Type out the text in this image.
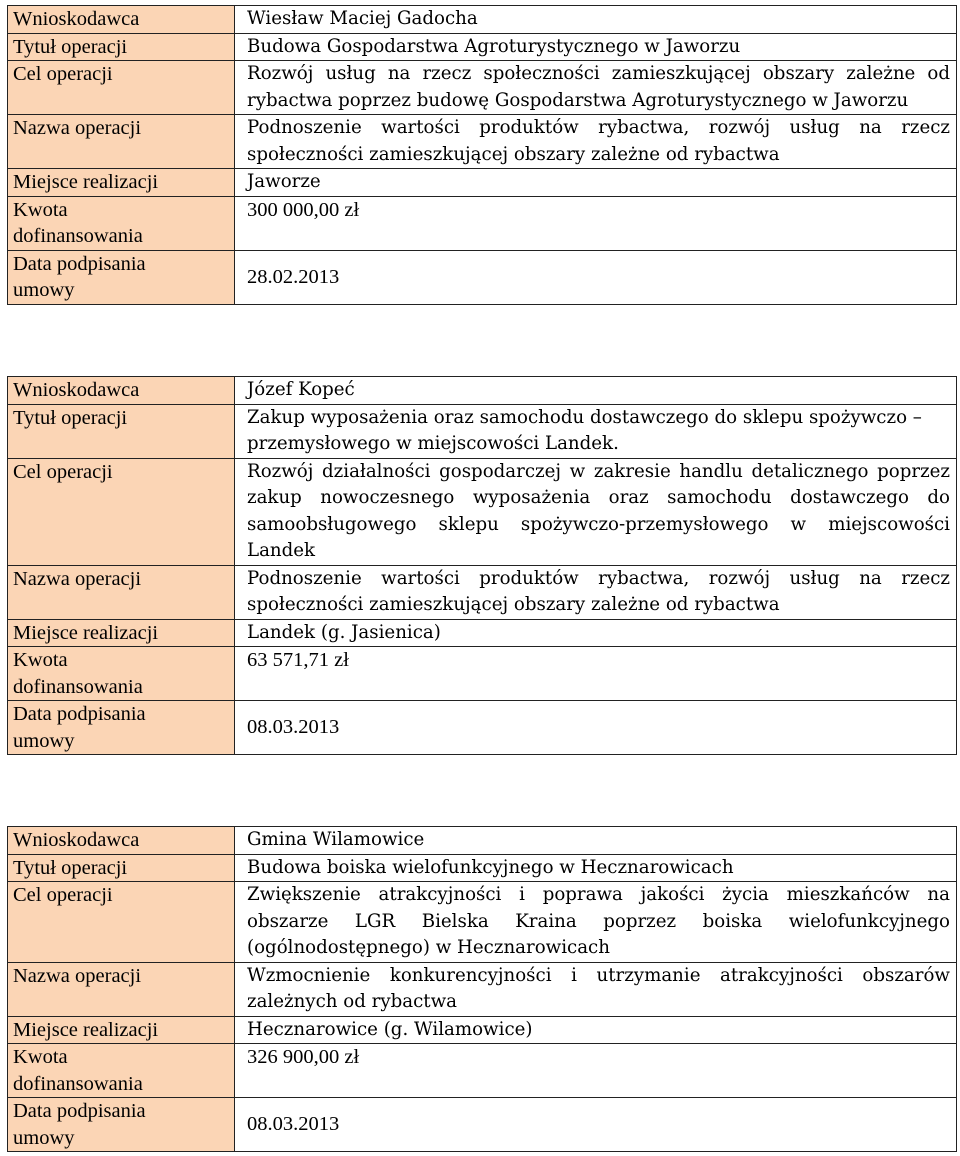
Wnioskodawca	Wiesław Maciej Gadocha
Tytuł operacji	Budowa Gospodarstwa Agroturystycznego w Jaworzu
Cel operacji	Rozwój usług na rzecz społeczności zamieszkującej obszary zależne od rybactwa poprzez budowę Gospodarstwa Agroturystycznego w Jaworzu
Nazwa operacji	Podnoszenie wartości produktów rybactwa, rozwój usług na rzecz społeczności zamieszkującej obszary zależne od rybactwa
Miejsce realizacji	Jaworze
Kwota
dofinansowania	300 000,00 zł
Data podpisania
umowy	28.02.2013
Wnioskodawca	Józef Kopeć
Tytuł operacji	Zakup wyposażenia oraz samochodu dostawczego do sklepu spożywczo – przemysłowego w miejscowości Landek.
Cel operacji	Rozwój działalności gospodarczej w zakresie handlu detalicznego poprzez zakup nowoczesnego wyposażenia oraz samochodu dostawczego do samoobsługowego sklepu spożywczo-przemysłowego w miejscowości Landek
Nazwa operacji	Podnoszenie wartości produktów rybactwa, rozwój usług na rzecz społeczności zamieszkującej obszary zależne od rybactwa
Miejsce realizacji	Landek (g. Jasienica)
Kwota
dofinansowania	63 571,71 zł
Data podpisania
umowy	08.03.2013
Wnioskodawca	Gmina Wilamowice
Tytuł operacji	Budowa boiska wielofunkcyjnego w Hecznarowicach
Cel operacji	Zwiększenie atrakcyjności i poprawa jakości życia mieszkańców na obszarze LGR Bielska Kraina poprzez boiska wielofunkcyjnego (ogólnodostępnego) w Hecznarowicach
Nazwa operacji	Wzmocnienie konkurencyjności i utrzymanie atrakcyjności obszarów zależnych od rybactwa
Miejsce realizacji	Hecznarowice (g. Wilamowice)
Kwota
dofinansowania	326 900,00 zł
Data podpisania
umowy	08.03.2013
